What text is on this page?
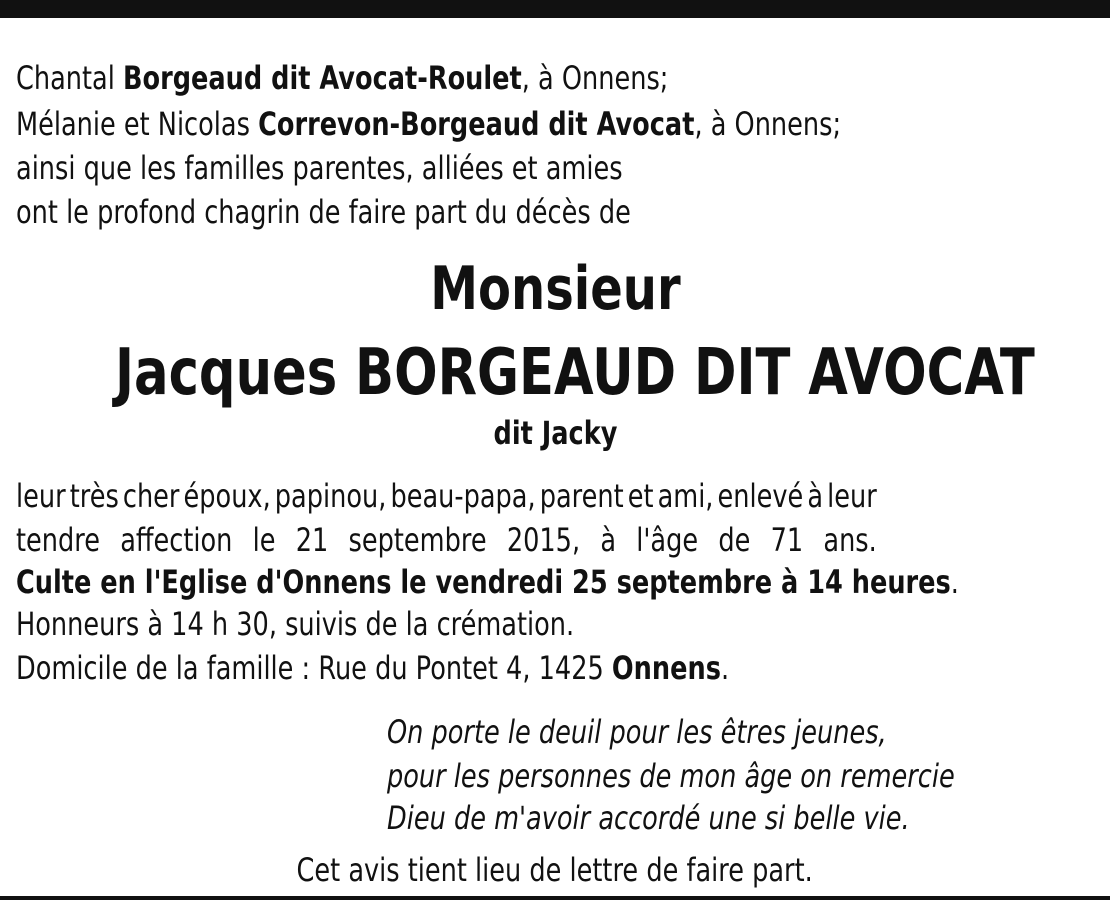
Chantal Borgeaud dit Avocat-Roulet, à Onnens;
Mélanie et Nicolas Correvon-Borgeaud dit Avocat, à Onnens;
ainsi que les familles parentes, alliées et amies
ont le profond chagrin de faire part du décès de
Monsieur
Jacques BORGEAUD DIT AVOCAT
dit Jacky
leur très cher époux, papinou, beau-papa, parent et ami, enlevé à leur
tendre affection le 21 septembre 2015, à l'âge de 71 ans.
Culte en l'Eglise d'Onnens le vendredi 25 septembre à 14 heures.
Honneurs à 14 h 30, suivis de la crémation.
Domicile de la famille : Rue du Pontet 4, 1425 Onnens.
On porte le deuil pour les êtres jeunes,
pour les personnes de mon âge on remercie
Dieu de m'avoir accordé une si belle vie.
Cet avis tient lieu de lettre de faire part.
